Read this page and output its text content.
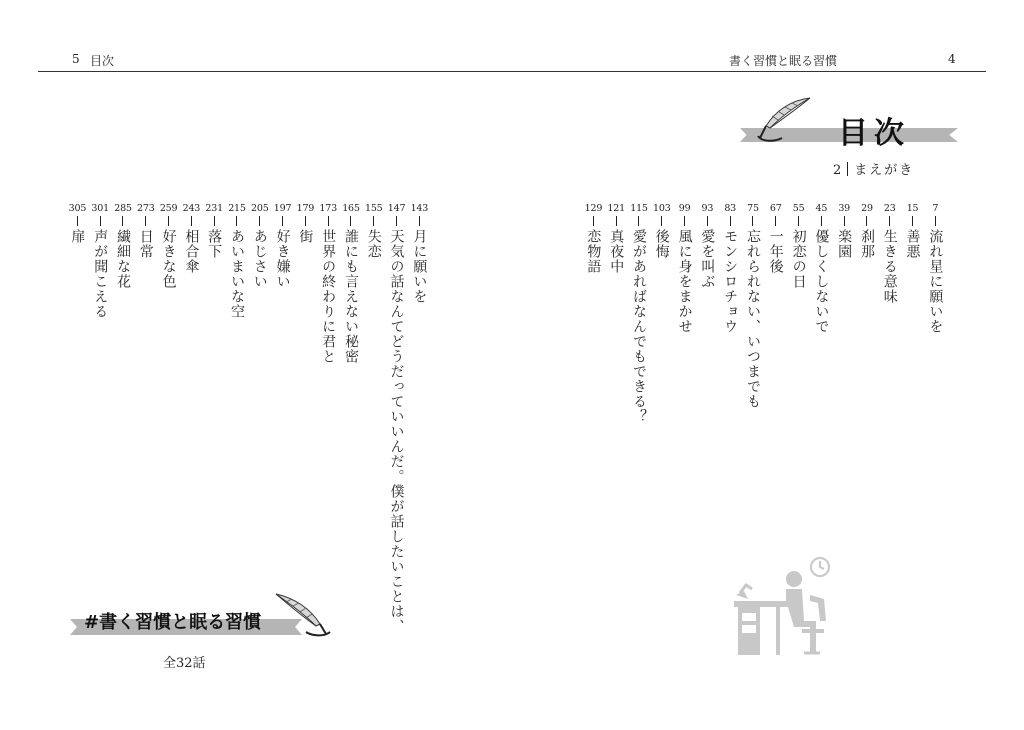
5 目次	書く習慣と眠る習慣	4
目次
2 まえがき
7
流れ星に願いを
15
善悪
23
生きる意味
29
刹那
39
楽園
45
優しくしないで
55
初恋の日
67
一年後
75
忘れられない、いつまでも
83
モンシロチョウ
93
愛を叫ぶ
99
風に身をまかせ
103
後悔
115
愛があればなんでもできる？
121
真夜中
129
恋物語
143
月に願いを
147
天気の話なんてどうだっていいんだ。僕が話したいことは、
155
失恋
165
誰にも言えない秘密
173
世界の終わりに君と
179
街
197
好き嫌い
205
あじさい
215
あいまいな空
231
落下
243
相合傘
259
好きな色
273
日常
285
繊細な花
301
声が聞こえる
305
扉
#書く習慣と眠る習慣
全32話
